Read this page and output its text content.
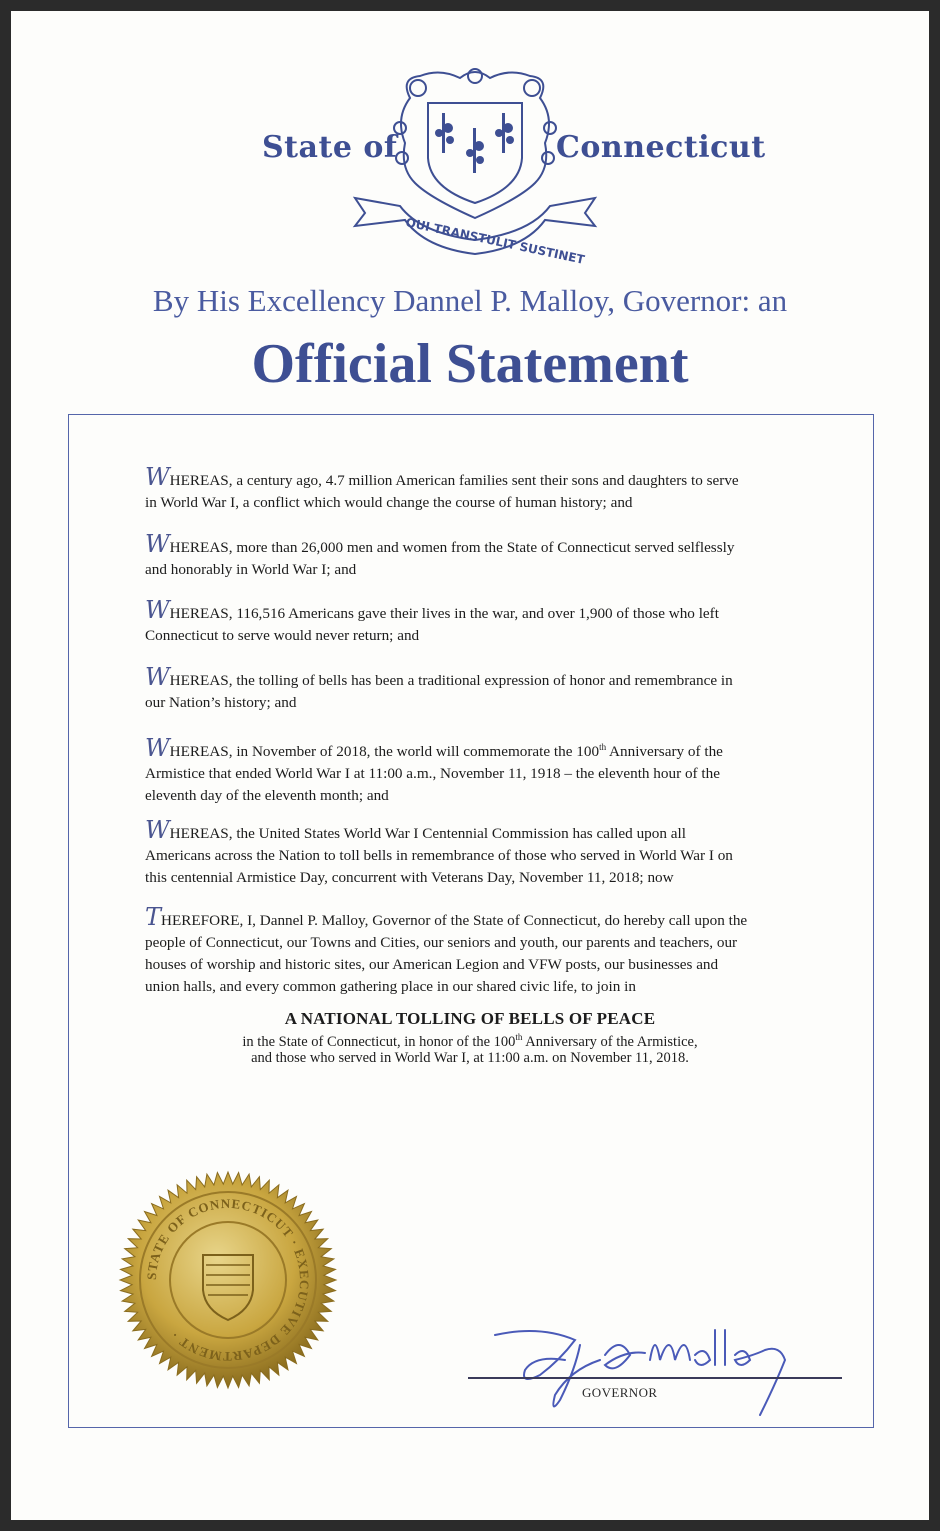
QUI TRANSTULIT SUSTINET
State of	Connecticut
By His Excellency Dannel P. Malloy, Governor: an
Official Statement
WHEREAS, a century ago, 4.7 million American families sent their sons and daughters to serve
in World War I, a conflict which would change the course of human history; and
WHEREAS, more than 26,000 men and women from the State of Connecticut served selflessly
and honorably in World War I; and
WHEREAS, 116,516 Americans gave their lives in the war, and over 1,900 of those who left
Connecticut to serve would never return; and
WHEREAS, the tolling of bells has been a traditional expression of honor and remembrance in
our Nation’s history; and
WHEREAS, in November of 2018, the world will commemorate the 100th Anniversary of the
Armistice that ended World War I at 11:00 a.m., November 11, 1918 – the eleventh hour of the
eleventh day of the eleventh month; and
WHEREAS, the United States World War I Centennial Commission has called upon all
Americans across the Nation to toll bells in remembrance of those who served in World War I on
this centennial Armistice Day, concurrent with Veterans Day, November 11, 2018; now
THEREFORE, I, Dannel P. Malloy, Governor of the State of Connecticut, do hereby call upon the
people of Connecticut, our Towns and Cities, our seniors and youth, our parents and teachers, our
houses of worship and historic sites, our American Legion and VFW posts, our businesses and
union halls, and every common gathering place in our shared civic life, to join in
A NATIONAL TOLLING OF BELLS OF PEACE
in the State of Connecticut, in honor of the 100th Anniversary of the Armistice,
and those who served in World War I, at 11:00 a.m. on November 11, 2018.
STATE OF CONNECTICUT · EXECUTIVE DEPARTMENT ·
GOVERNOR
